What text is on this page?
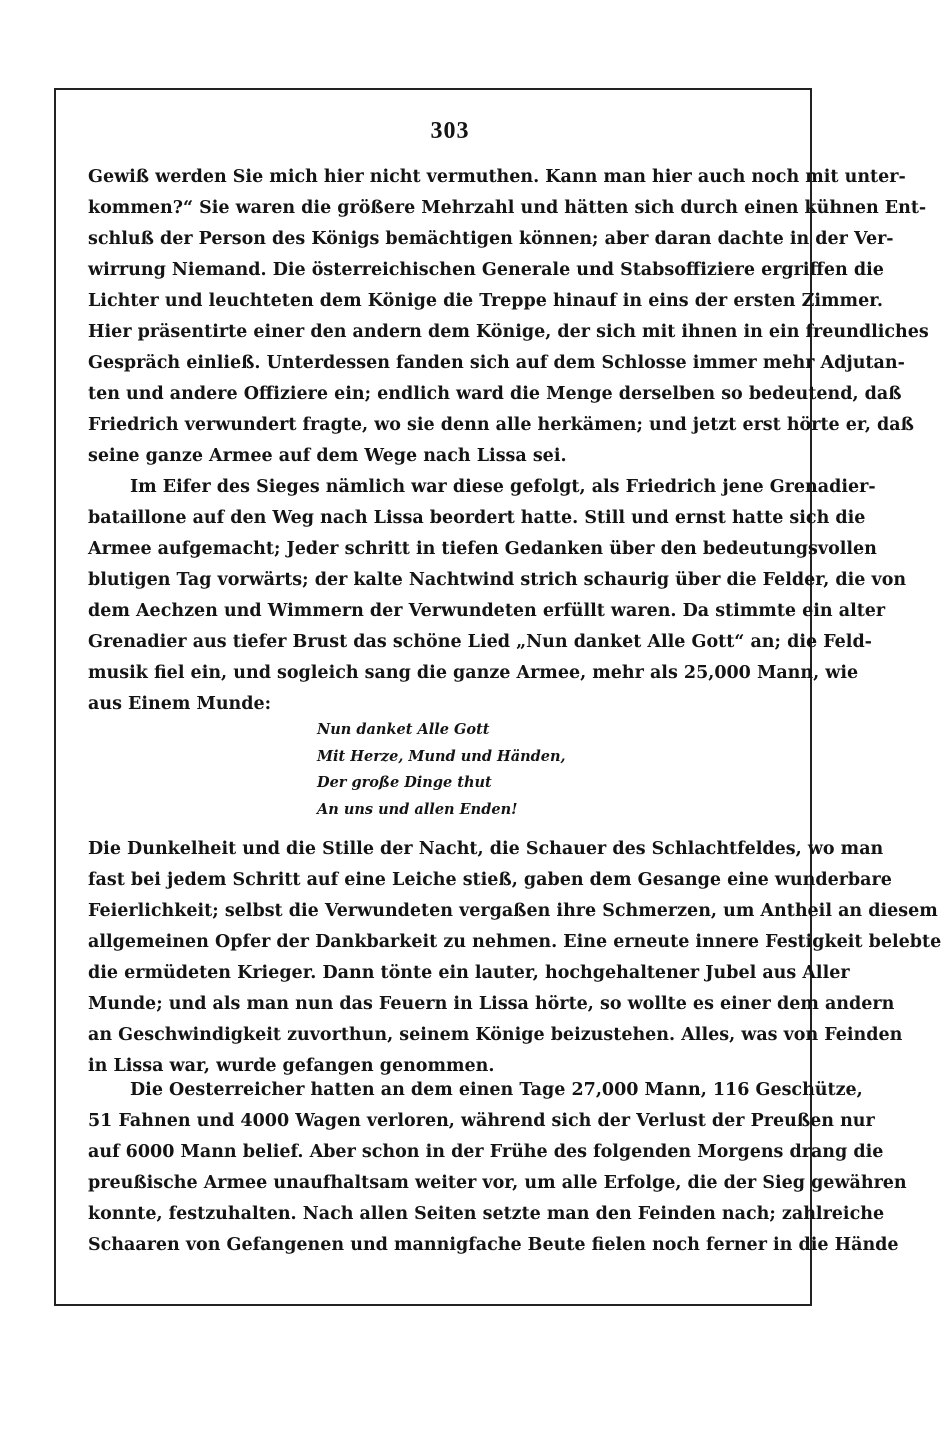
303
Gewiß werden Sie mich hier nicht vermuthen. Kann man hier auch noch mit unter-
kommen?“ Sie waren die größere Mehrzahl und hätten sich durch einen kühnen Ent-
schluß der Person des Königs bemächtigen können; aber daran dachte in der Ver-
wirrung Niemand. Die österreichischen Generale und Stabsoffiziere ergriffen die
Lichter und leuchteten dem Könige die Treppe hinauf in eins der ersten Zimmer.
Hier präsentirte einer den andern dem Könige, der sich mit ihnen in ein freundliches
Gespräch einließ. Unterdessen fanden sich auf dem Schlosse immer mehr Adjutan-
ten und andere Offiziere ein; endlich ward die Menge derselben so bedeutend, daß
Friedrich verwundert fragte, wo sie denn alle herkämen; und jetzt erst hörte er, daß
seine ganze Armee auf dem Wege nach Lissa sei.
Im Eifer des Sieges nämlich war diese gefolgt, als Friedrich jene Grenadier-
bataillone auf den Weg nach Lissa beordert hatte. Still und ernst hatte sich die
Armee aufgemacht; Jeder schritt in tiefen Gedanken über den bedeutungsvollen
blutigen Tag vorwärts; der kalte Nachtwind strich schaurig über die Felder, die von
dem Aechzen und Wimmern der Verwundeten erfüllt waren. Da stimmte ein alter
Grenadier aus tiefer Brust das schöne Lied „Nun danket Alle Gott“ an; die Feld-
musik fiel ein, und sogleich sang die ganze Armee, mehr als 25,000 Mann, wie
aus Einem Munde:
Nun danket Alle Gott
Mit Herze, Mund und Händen,
Der große Dinge thut
An uns und allen Enden!
Die Dunkelheit und die Stille der Nacht, die Schauer des Schlachtfeldes, wo man
fast bei jedem Schritt auf eine Leiche stieß, gaben dem Gesange eine wunderbare
Feierlichkeit; selbst die Verwundeten vergaßen ihre Schmerzen, um Antheil an diesem
allgemeinen Opfer der Dankbarkeit zu nehmen. Eine erneute innere Festigkeit belebte
die ermüdeten Krieger. Dann tönte ein lauter, hochgehaltener Jubel aus Aller
Munde; und als man nun das Feuern in Lissa hörte, so wollte es einer dem andern
an Geschwindigkeit zuvorthun, seinem Könige beizustehen. Alles, was von Feinden
in Lissa war, wurde gefangen genommen.
Die Oesterreicher hatten an dem einen Tage 27,000 Mann, 116 Geschütze,
51 Fahnen und 4000 Wagen verloren, während sich der Verlust der Preußen nur
auf 6000 Mann belief. Aber schon in der Frühe des folgenden Morgens drang die
preußische Armee unaufhaltsam weiter vor, um alle Erfolge, die der Sieg gewähren
konnte, festzuhalten. Nach allen Seiten setzte man den Feinden nach; zahlreiche
Schaaren von Gefangenen und mannigfache Beute fielen noch ferner in die Hände
